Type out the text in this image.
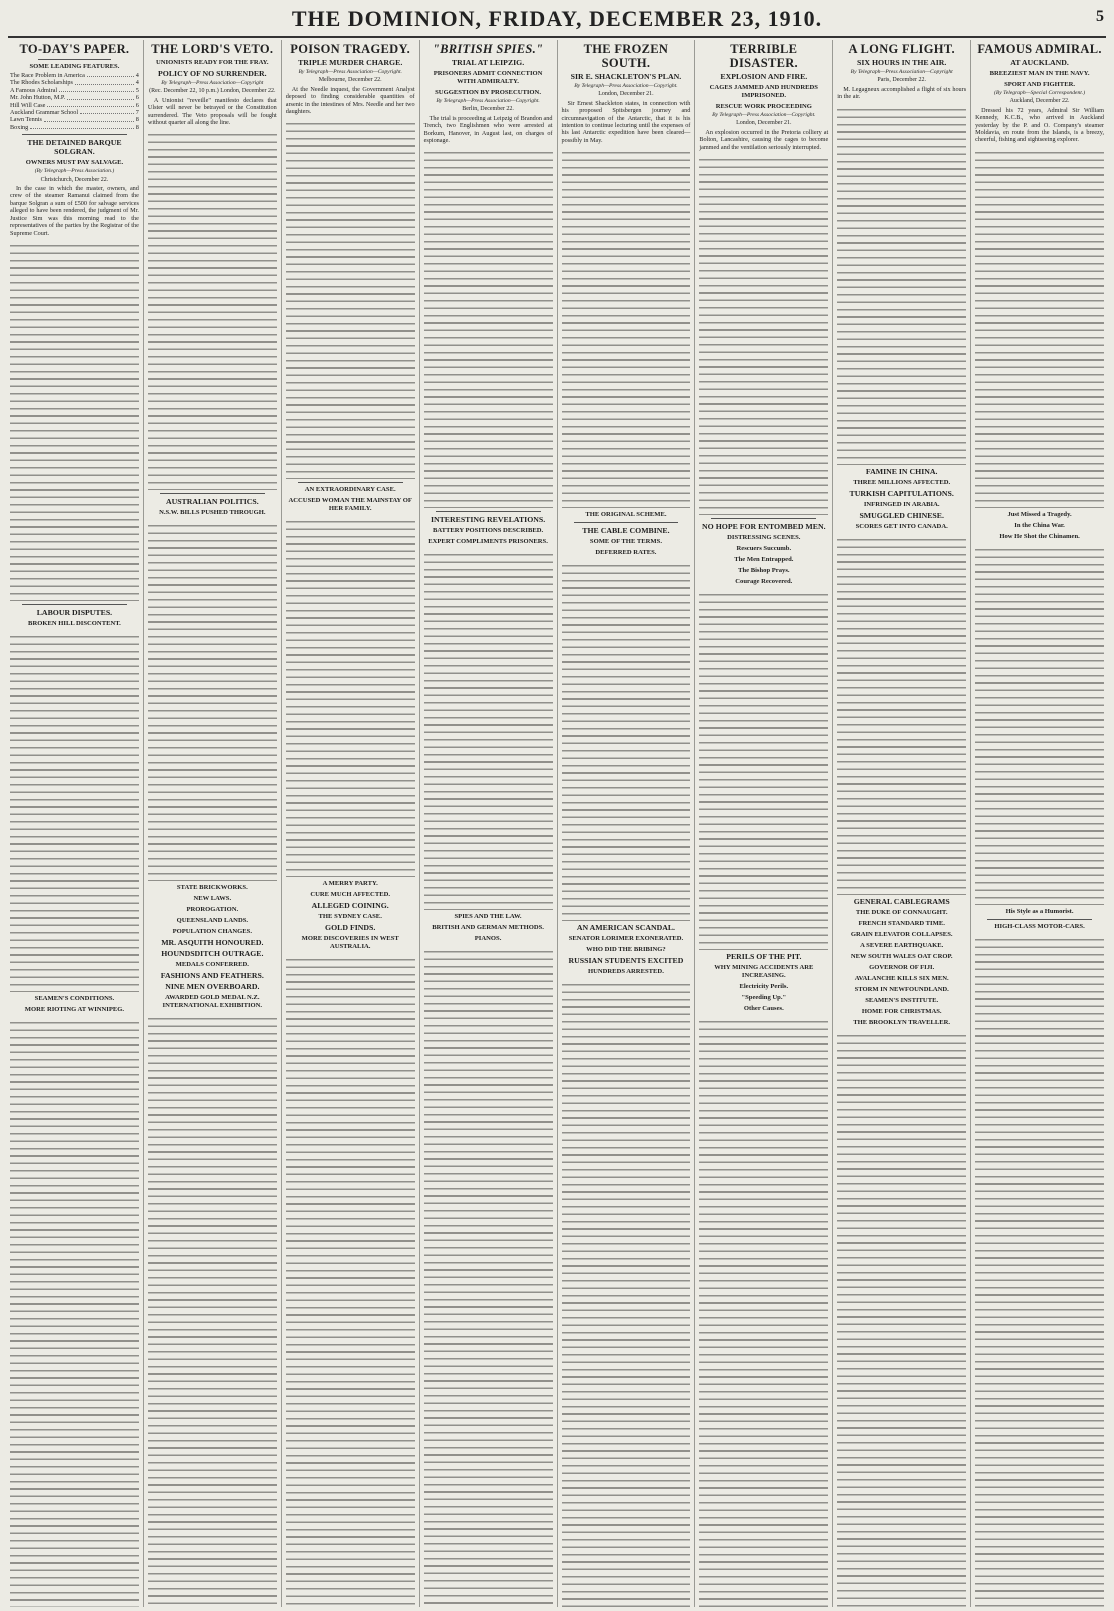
THE DOMINION, FRIDAY, DECEMBER 23, 1910.	5
TO-DAY'S PAPER.
SOME LEADING FEATURES.
The Race Problem in America	4
The Rhodes Scholarships	4
A Famous Admiral	5
Mr. John Hutton, M.P.	6
Hill Will Case	6
Auckland Grammar School	7
Lawn Tennis	8
Boxing	8
THE DETAINED BARQUE SOLGRAN.
OWNERS MUST PAY SALVAGE.
(By Telegraph—Press Association.)
Christchurch, December 22.

In the case in which the master, owners, and crew of the steamer Ramanui claimed from the barque Solgran a sum of £500 for salvage services alleged to have been rendered, the judgment of Mr. Justice Sim was this morning read to the representatives of the parties by the Registrar of the Supreme Court.

LABOUR DISPUTES.
BROKEN HILL DISCONTENT.
SEAMEN'S CONDITIONS.
MORE RIOTING AT WINNIPEG.
THE LORD'S VETO.
UNIONISTS READY FOR THE FRAY.
POLICY OF NO SURRENDER.
By Telegraph—Press Association—Copyright
(Rec. December 22, 10 p.m.) London, December 22.

A Unionist "reveille" manifesto declares that Ulster will never be betrayed or the Constitution surrendered. The Veto proposals will be fought without quarter all along the line.

AUSTRALIAN POLITICS.
N.S.W. BILLS PUSHED THROUGH.
STATE BRICKWORKS.
NEW LAWS.
PROROGATION.
QUEENSLAND LANDS.
POPULATION CHANGES.
MR. ASQUITH HONOURED.
HOUNDSDITCH OUTRAGE.
MEDALS CONFERRED.
FASHIONS AND FEATHERS.
NINE MEN OVERBOARD.
AWARDED GOLD MEDAL N.Z. INTERNATIONAL EXHIBITION.
POISON TRAGEDY.
TRIPLE MURDER CHARGE.
By Telegraph—Press Association—Copyright.
Melbourne, December 22.

At the Needle inquest, the Government Analyst deposed to finding considerable quantities of arsenic in the intestines of Mrs. Needle and her two daughters.

AN EXTRAORDINARY CASE.
ACCUSED WOMAN THE MAINSTAY OF HER FAMILY.
A MERRY PARTY.
CURE MUCH AFFECTED.
ALLEGED COINING.
THE SYDNEY CASE.
GOLD FINDS.
MORE DISCOVERIES IN WEST AUSTRALIA.
"BRITISH SPIES."
TRIAL AT LEIPZIG.
PRISONERS ADMIT CONNECTION WITH ADMIRALTY.
SUGGESTION BY PROSECUTION.
By Telegraph—Press Association—Copyright.
Berlin, December 22.

The trial is proceeding at Leipzig of Brandon and Trench, two Englishmen who were arrested at Borkum, Hanover, in August last, on charges of espionage.

INTERESTING REVELATIONS.
BATTERY POSITIONS DESCRIBED.
EXPERT COMPLIMENTS PRISONERS.
SPIES AND THE LAW.
BRITISH AND GERMAN METHODS.
PIANOS.
THE FROZEN SOUTH.
SIR E. SHACKLETON'S PLAN.
By Telegraph—Press Association—Copyright.
London, December 21.

Sir Ernest Shackleton states, in connection with his proposed Spitsbergen journey and circumnavigation of the Antarctic, that it is his intention to continue lecturing until the expenses of his last Antarctic expedition have been cleared—possibly in May.

THE ORIGINAL SCHEME.
THE CABLE COMBINE.
SOME OF THE TERMS.
DEFERRED RATES.
AN AMERICAN SCANDAL.
SENATOR LORIMER EXONERATED.
WHO DID THE BRIBING?
RUSSIAN STUDENTS EXCITED
HUNDREDS ARRESTED.
TERRIBLE DISASTER.
EXPLOSION AND FIRE.
CAGES JAMMED AND HUNDREDS IMPRISONED.
RESCUE WORK PROCEEDING
By Telegraph—Press Association—Copyright.
London, December 21.

An explosion occurred in the Pretoria colliery at Bolton, Lancashire, causing the cages to become jammed and the ventilation seriously interrupted.

NO HOPE FOR ENTOMBED MEN.
DISTRESSING SCENES.
Rescuers Succumb.
The Men Entrapped.
The Bishop Prays.
Courage Recovered.
PERILS OF THE PIT.
WHY MINING ACCIDENTS ARE INCREASING.
Electricity Perils.
"Speeding Up."
Other Causes.
A LONG FLIGHT.
SIX HOURS IN THE AIR.
By Telegraph—Press Association—Copyright
Paris, December 22.

M. Legagneux accomplished a flight of six hours in the air.

FAMINE IN CHINA.
THREE MILLIONS AFFECTED.
TURKISH CAPITULATIONS.
INFRINGED IN ARABIA.
SMUGGLED CHINESE.
SCORES GET INTO CANADA.
GENERAL CABLEGRAMS
THE DUKE OF CONNAUGHT.
FRENCH STANDARD TIME.
GRAIN ELEVATOR COLLAPSES.
A SEVERE EARTHQUAKE.
NEW SOUTH WALES OAT CROP.
GOVERNOR OF FIJI.
AVALANCHE KILLS SIX MEN.
STORM IN NEWFOUNDLAND.
SEAMEN'S INSTITUTE.
HOME FOR CHRISTMAS.
THE BROOKLYN TRAVELLER.
FAMOUS ADMIRAL.
AT AUCKLAND.
BREEZIEST MAN IN THE NAVY.
SPORT AND FIGHTER.
(By Telegraph—Special Correspondent.)
Auckland, December 22.

Dressed his 72 years, Admiral Sir William Kennedy, K.C.B., who arrived in Auckland yesterday by the P. and O. Company's steamer Moldavia, en route from the Islands, is a breezy, cheerful, fishing and sightseeing explorer.

Just Missed a Tragedy.
In the China War.
How He Shot the Chinamen.
His Style as a Humorist.
HIGH-CLASS MOTOR-CARS.
